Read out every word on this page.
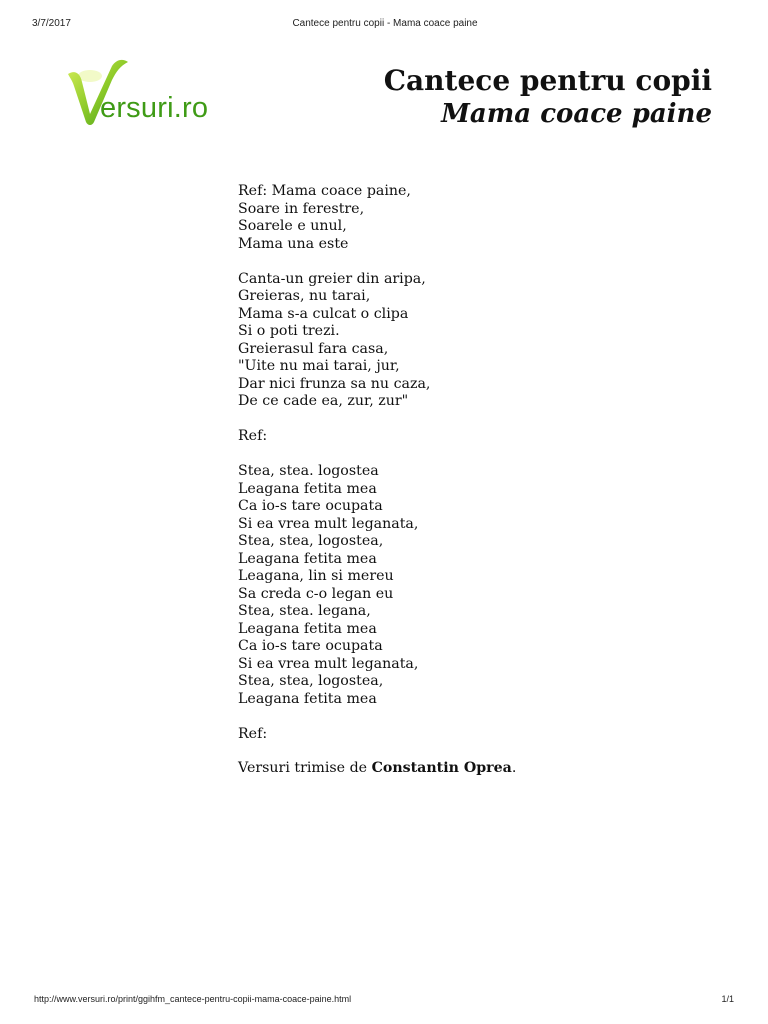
3/7/2017	Cantece pentru copii - Mama coace paine
ersuri.ro
Cantece pentru copii
Mama coace paine
Ref: Mama coace paine,
Soare in ferestre,
Soarele e unul,
Mama una este
Canta-un greier din aripa,
Greieras, nu tarai,
Mama s-a culcat o clipa
Si o poti trezi.
Greierasul fara casa,
"Uite nu mai tarai, jur,
Dar nici frunza sa nu caza,
De ce cade ea, zur, zur"
Ref:
Stea, stea. logostea
Leagana fetita mea
Ca io-s tare ocupata
Si ea vrea mult leganata,
Stea, stea, logostea,
Leagana fetita mea
Leagana, lin si mereu
Sa creda c-o legan eu
Stea, stea. legana,
Leagana fetita mea
Ca io-s tare ocupata
Si ea vrea mult leganata,
Stea, stea, logostea,
Leagana fetita mea
Ref:
Versuri trimise de Constantin Oprea.
http://www.versuri.ro/print/ggihfm_cantece-pentru-copii-mama-coace-paine.html	1/1
